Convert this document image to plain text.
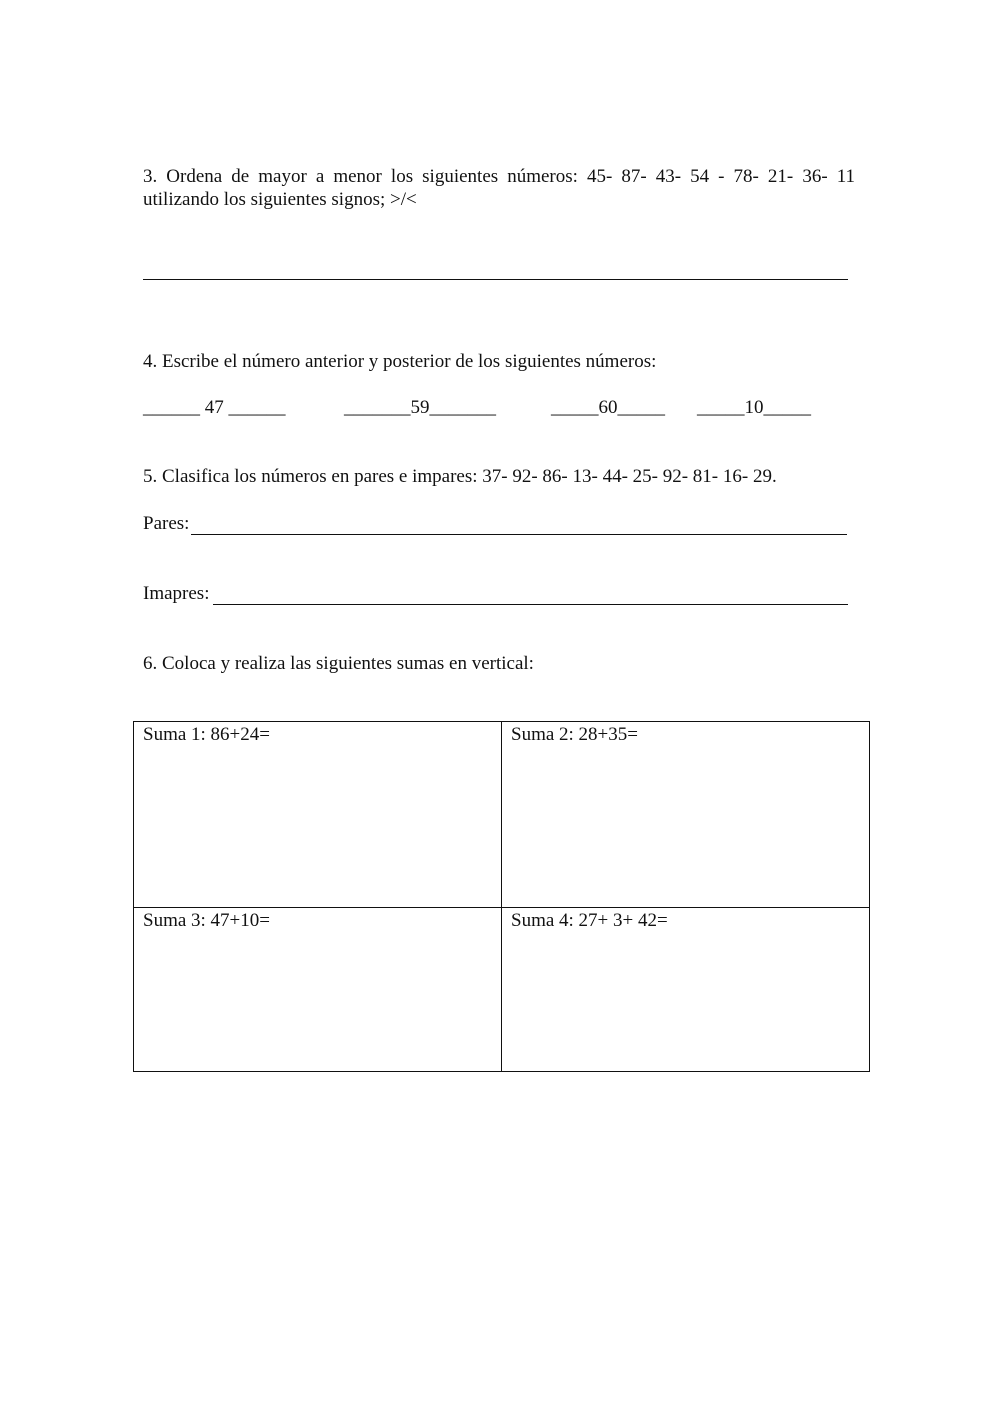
3. Ordena de mayor a menor los siguientes números: 45- 87- 43- 54 - 78- 21- 36- 11 utilizando los siguientes signos; >/<
4. Escribe el número anterior y posterior de los siguientes números:
______ 47 ______	_______59_______	_____60_____ _____10_____
5. Clasifica los números en pares e impares: 37- 92- 86- 13- 44- 25- 92- 81- 16- 29.
Pares:
Imapres:
6. Coloca y realiza las siguientes sumas en vertical:
Suma 1: 86+24=	Suma 2: 28+35=
Suma 3: 47+10=	Suma 4: 27+ 3+ 42=
